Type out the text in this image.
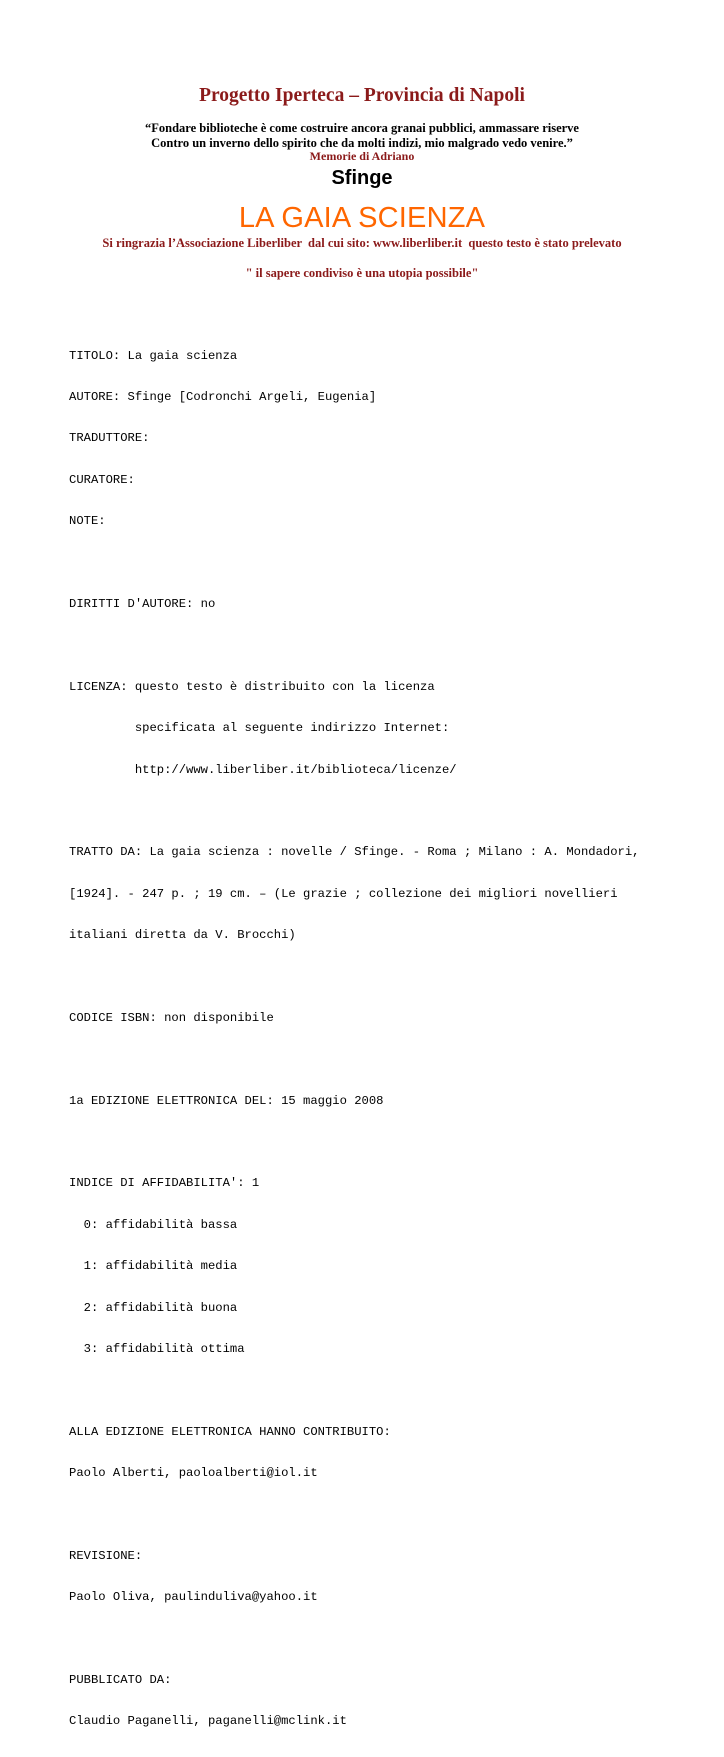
Progetto Iperteca – Provincia di Napoli
“Fondare biblioteche è come costruire ancora granai pubblici, ammassare riserve
Contro un inverno dello spirito che da molti indizi, mio malgrado vedo venire.”
Memorie di Adriano
Sfinge
LA GAIA SCIENZA
Si ringrazia l’Associazione Liberliber  dal cui sito: www.liberliber.it  questo testo è stato prelevato
" il sapere condiviso è una utopia possibile"

TITOLO: La gaia scienza

AUTORE: Sfinge [Codronchi Argeli, Eugenia]

TRADUTTORE:

CURATORE:

NOTE:

DIRITTI D'AUTORE: no

LICENZA: questo testo è distribuito con la licenza

specificata al seguente indirizzo Internet:

http://www.liberliber.it/biblioteca/licenze/

TRATTO DA: La gaia scienza : novelle / Sfinge. - Roma ; Milano : A. Mondadori,

[1924]. - 247 p. ; 19 cm. – (Le grazie ; collezione dei migliori novellieri

italiani diretta da V. Brocchi)

CODICE ISBN: non disponibile

1a EDIZIONE ELETTRONICA DEL: 15 maggio 2008

INDICE DI AFFIDABILITA': 1

0: affidabilità bassa

1: affidabilità media

2: affidabilità buona

3: affidabilità ottima

ALLA EDIZIONE ELETTRONICA HANNO CONTRIBUITO:

Paolo Alberti, paoloalberti@iol.it

REVISIONE:

Paolo Oliva, paulinduliva@yahoo.it

PUBBLICATO DA:

Claudio Paganelli, paganelli@mclink.it
